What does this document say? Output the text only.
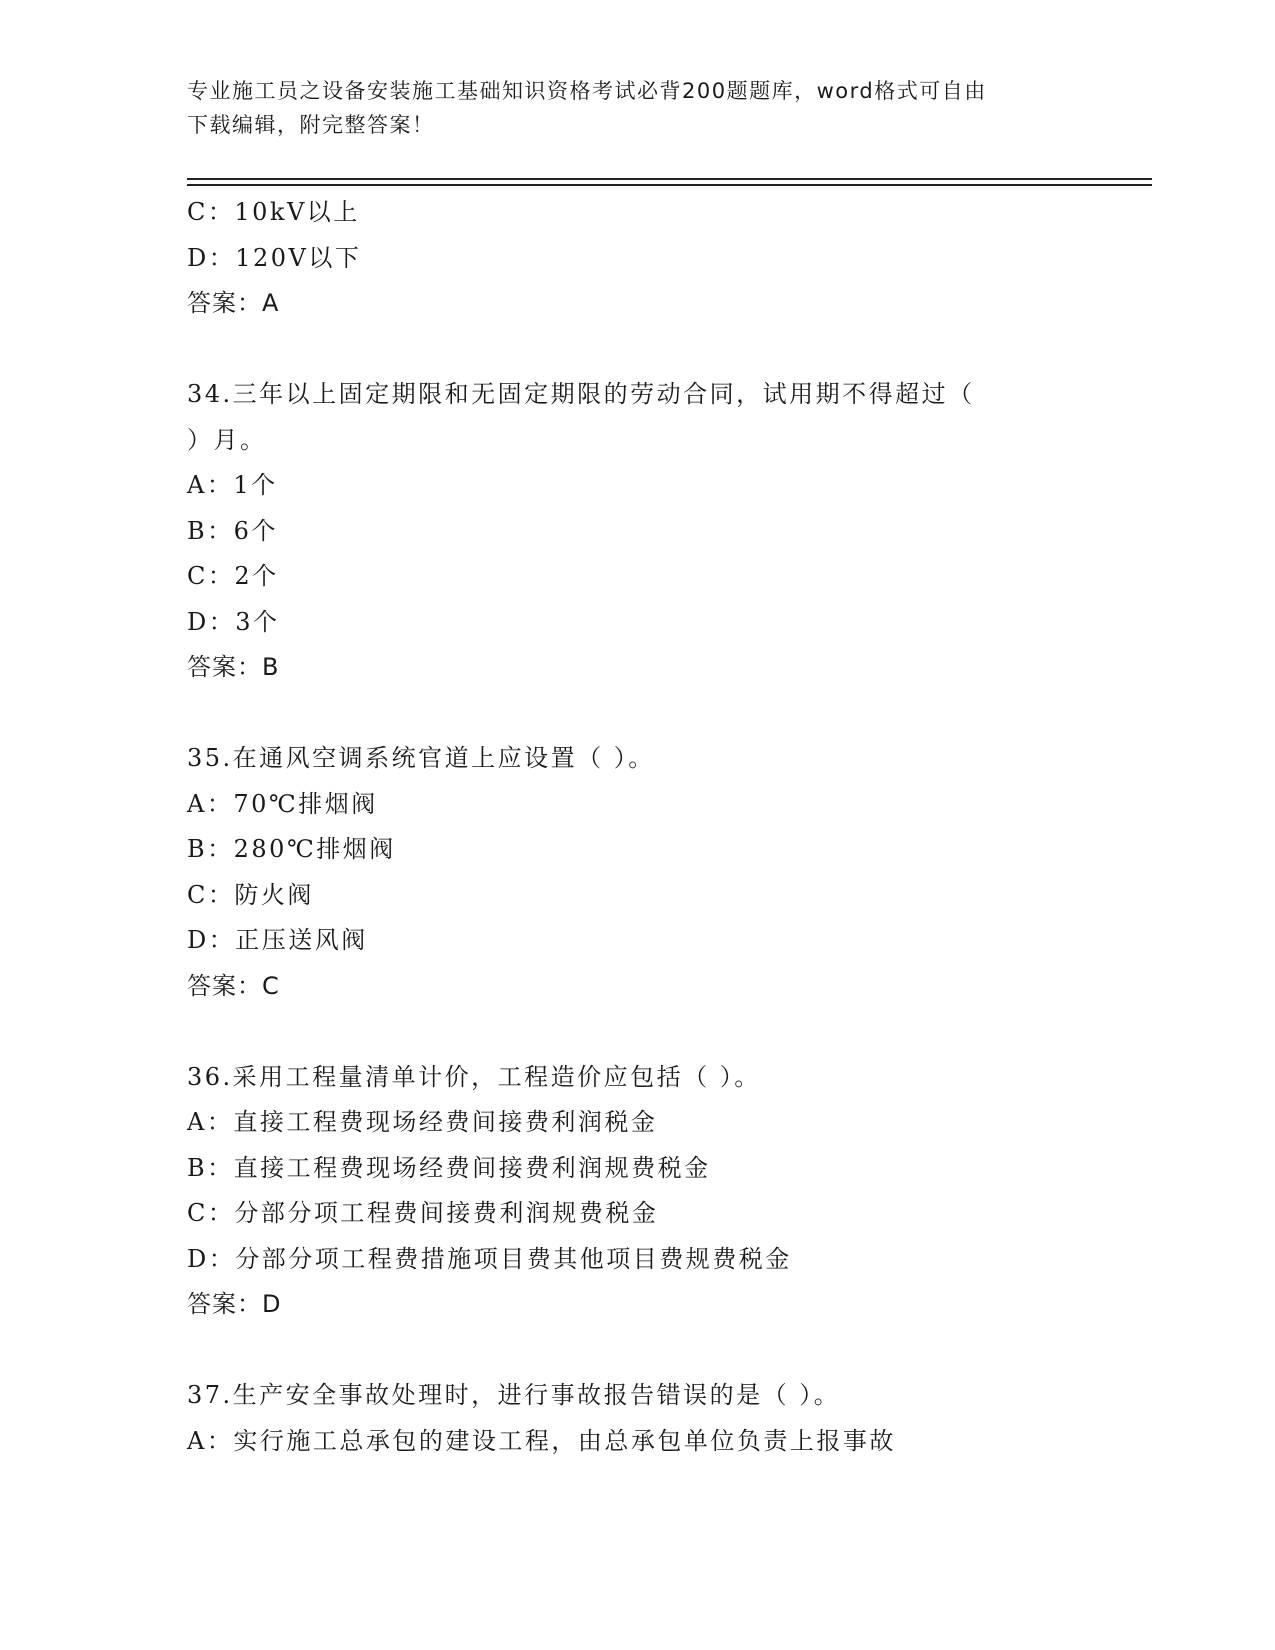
专业施工员之设备安装施工基础知识资格考试必背200题题库，word格式可自由
下载编辑，附完整答案！
C：10kV以上
D：120V以下
答案：A
34.三年以上固定期限和无固定期限的劳动合同，试用期不得超过（
）月。
A：1个
B：6个
C：2个
D：3个
答案：B
35.在通风空调系统官道上应设置（ ）。
A：70℃排烟阀
B：280℃排烟阀
C：防火阀
D：正压送风阀
答案：C
36.采用工程量清单计价，工程造价应包括（ ）。
A：直接工程费现场经费间接费利润税金
B：直接工程费现场经费间接费利润规费税金
C：分部分项工程费间接费利润规费税金
D：分部分项工程费措施项目费其他项目费规费税金
答案：D
37.生产安全事故处理时，进行事故报告错误的是（ ）。
A：实行施工总承包的建设工程，由总承包单位负责上报事故
